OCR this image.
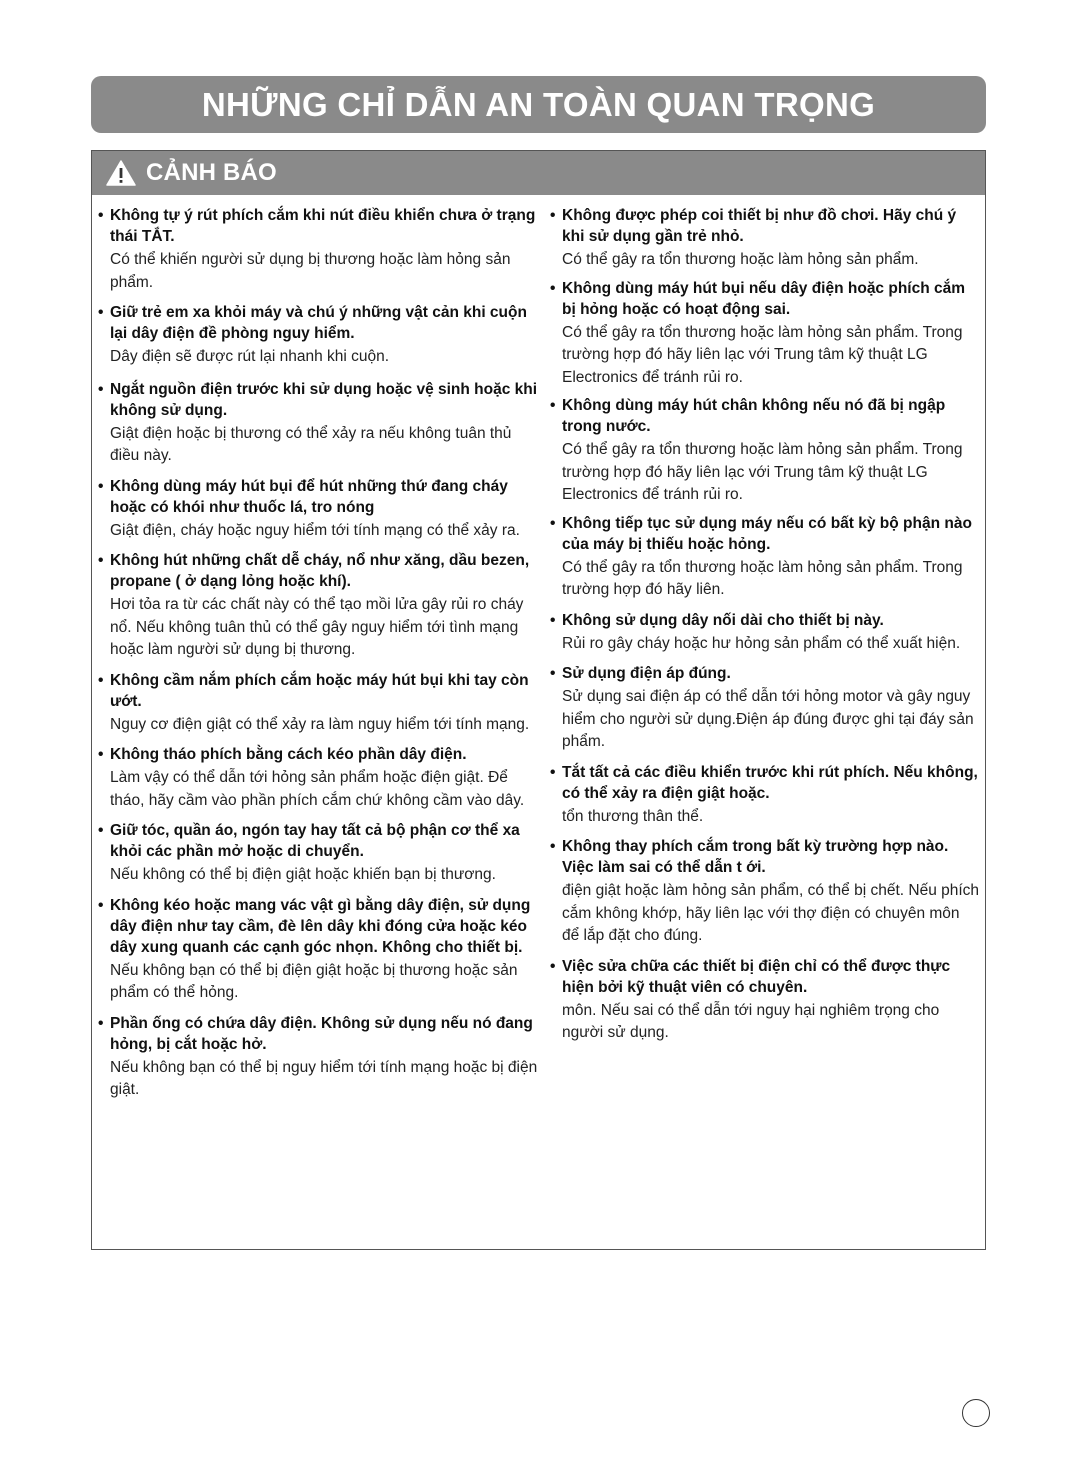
NHỮNG CHỈ DẪN AN TOÀN QUAN TRỌNG
CẢNH BÁO
• Không tự ý rút phích cắm khi nút điều khiển chưa ở trạng thái TẮT.
Có thể khiến người sử dụng bị thương hoặc làm hỏng sản phẩm.
• Giữ trẻ em xa khỏi máy và chú ý những vật cản khi cuộn lại dây điện đề phòng nguy hiểm.
Dây điện sẽ được rút lại nhanh khi cuộn.
• Ngắt nguồn điện trước khi sử dụng hoặc vệ sinh hoặc khi không sử dụng.
Giật điện hoặc bị thương có thể xảy ra nếu không tuân thủ điều này.
• Không dùng máy hút bụi để hút những thứ đang cháy hoặc có khói như thuốc lá, tro nóng
Giật điện, cháy hoặc nguy hiểm tới tính mạng có thể xảy ra.
• Không hút những chất dễ cháy, nổ như xăng, dầu bezen, propane ( ở dạng lỏng hoặc khí).
Hơi tỏa ra từ các chất này có thể tạo mồi lửa gây rủi ro cháy nổ. Nếu không tuân thủ có thể gây nguy hiểm tới tình mạng hoặc làm người sử dụng bị thương.
• Không cầm nắm phích cắm hoặc máy hút bụi khi tay còn ướt.
Nguy cơ điện giật có thể xảy ra làm nguy hiểm tới tính mạng.
• Không tháo phích bằng cách kéo phần dây điện.
Làm vậy có thể dẫn tới hỏng sản phẩm hoặc điện giật. Để tháo, hãy cầm vào phần phích cắm chứ không cầm vào dây.
• Giữ tóc, quần áo, ngón tay hay tất cả bộ phận cơ thể xa khỏi các phần mở hoặc di chuyển.
Nếu không có thể bị điện giật hoặc khiến bạn bị thương.
• Không kéo hoặc mang vác vật gì bằng dây điện, sử dụng dây điện như tay cầm, đè lên dây khi đóng cửa hoặc kéo dây xung quanh các cạnh góc nhọn. Không cho thiết bị.
Nếu không bạn có thể bị điện giật hoặc bị thương hoặc sản phẩm có thể hỏng.
• Phần ống có chứa dây điện. Không sử dụng nếu nó đang hỏng, bị cắt hoặc hở.
Nếu không bạn có thể bị nguy hiểm tới tính mạng hoặc bị điện giật.
• Không được phép coi thiết bị như đồ chơi. Hãy chú ý khi sử dụng gần trẻ nhỏ.
Có thể gây ra tổn thương hoặc làm hỏng sản phẩm.
• Không dùng máy hút bụi nếu dây điện hoặc phích cắm bị hỏng hoặc có hoạt động sai.
Có thể gây ra tổn thương hoặc làm hỏng sản phẩm. Trong trường hợp đó hãy liên lạc với Trung tâm kỹ thuật LG Electronics để tránh rủi ro.
• Không dùng máy hút chân không nếu nó đã bị ngập trong nước.
Có thể gây ra tổn thương hoặc làm hỏng sản phẩm. Trong trường hợp đó hãy liên lạc với Trung tâm kỹ thuật LG Electronics để tránh rủi ro.
• Không tiếp tục sử dụng máy nếu có bất kỳ bộ phận nào của máy bị thiếu hoặc hỏng.
Có thể gây ra tổn thương hoặc làm hỏng sản phẩm. Trong trường hợp đó hãy liên.
• Không sử dụng dây nối dài cho thiết bị này.
Rủi ro gây cháy hoặc hư hỏng sản phẩm có thể xuất hiện.
• Sử dụng điện áp đúng.
Sử dụng sai điện áp có thể dẫn tới hỏng motor và gây nguy hiểm cho người sử dụng.Điện áp đúng được ghi tại đáy sản phẩm.
• Tắt tất cả các điều khiển trước khi rút phích. Nếu không, có thể xảy ra điện giật hoặc.
tổn thương thân thể.
• Không thay phích cắm trong bất kỳ trường hợp nào. Việc làm sai có thể dẫn t ới.
điện giật hoặc làm hỏng sản phẩm, có thể bị chết. Nếu phích cắm không khớp, hãy liên lạc với thợ điện có chuyên môn để lắp đặt cho đúng.
• Việc sửa chữa các thiết bị điện chỉ có thể được thực hiện bởi kỹ thuật viên có chuyên.
môn. Nếu sai có thể dẫn tới nguy hại nghiêm trọng cho người sử dụng.
